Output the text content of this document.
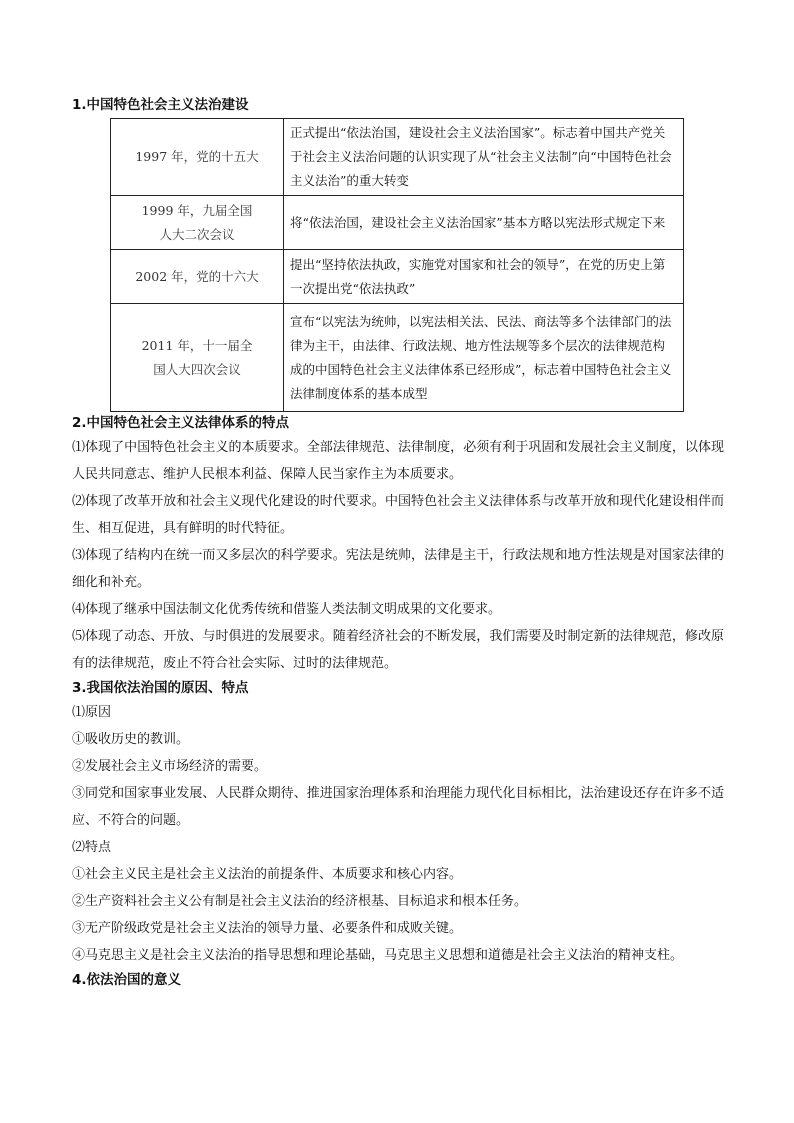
1.中国特色社会主义法治建设
1997 年，党的十五大	正式提出“依法治国，建设社会主义法治国家”。标志着中国共产党关于社会主义法治问题的认识实现了从“社会主义法制”向“中国特色社会主义法治”的重大转变
1999 年，九届全国
人大二次会议	将“依法治国，建设社会主义法治国家”基本方略以宪法形式规定下来
2002 年，党的十六大	提出“坚持依法执政，实施党对国家和社会的领导”，在党的历史上第一次提出党“依法执政”
2011 年，十一届全
国人大四次会议	宣布“以宪法为统帅，以宪法相关法、民法、商法等多个法律部门的法律为主干，由法律、行政法规、地方性法规等多个层次的法律规范构成的中国特色社会主义法律体系已经形成”，标志着中国特色社会主义法律制度体系的基本成型
2.中国特色社会主义法律体系的特点

⑴体现了中国特色社会主义的本质要求。全部法律规范、法律制度，必须有利于巩固和发展社会主义制度，以体现人民共同意志、维护人民根本利益、保障人民当家作主为本质要求。

⑵体现了改革开放和社会主义现代化建设的时代要求。中国特色社会主义法律体系与改革开放和现代化建设相伴而生、相互促进，具有鲜明的时代特征。

⑶体现了结构内在统一而又多层次的科学要求。宪法是统帅，法律是主干，行政法规和地方性法规是对国家法律的细化和补充。

⑷体现了继承中国法制文化优秀传统和借鉴人类法制文明成果的文化要求。

⑸体现了动态、开放、与时俱进的发展要求。随着经济社会的不断发展，我们需要及时制定新的法律规范，修改原有的法律规范，废止不符合社会实际、过时的法律规范。

3.我国依法治国的原因、特点

⑴原因

①吸收历史的教训。

②发展社会主义市场经济的需要。

③同党和国家事业发展、人民群众期待、推进国家治理体系和治理能力现代化目标相比，法治建设还存在许多不适应、不符合的问题。

⑵特点

①社会主义民主是社会主义法治的前提条件、本质要求和核心内容。

②生产资料社会主义公有制是社会主义法治的经济根基、目标追求和根本任务。

③无产阶级政党是社会主义法治的领导力量、必要条件和成败关键。

④马克思主义是社会主义法治的指导思想和理论基础，马克思主义思想和道德是社会主义法治的精神支柱。

4.依法治国的意义
